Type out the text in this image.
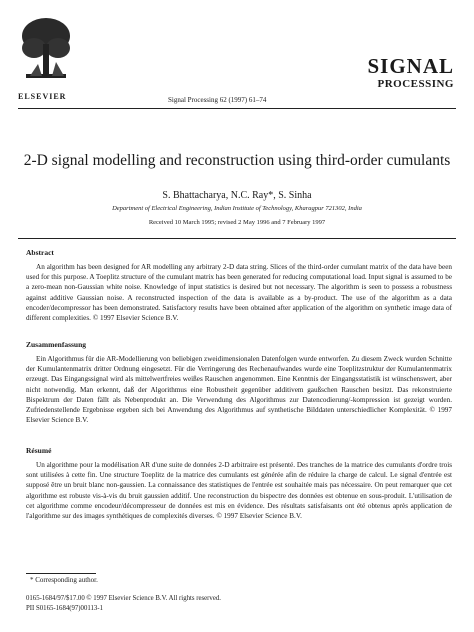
ELSEVIER	Signal Processing 62 (1997) 61–74
SIGNAL
PROCESSING
2-D signal modelling and reconstruction using third-order cumulants
S. Bhattacharya, N.C. Ray*, S. Sinha
Department of Electrical Engineering, Indian Institute of Technology, Kharagpur 721302, India
Received 10 March 1995; revised 2 May 1996 and 7 February 1997
Abstract

An algorithm has been designed for AR modelling any arbitrary 2-D data string. Slices of the third-order cumulant matrix of the data have been used for this purpose. A Toeplitz structure of the cumulant matrix has been generated for reducing computational load. Input signal is assumed to be a zero-mean non-Gaussian white noise. Knowledge of input statistics is desired but not necessary. The algorithm is seen to possess a robustness against additive Gaussian noise. A reconstructed inspection of the data is available as a by-product. The use of the algorithm as a data encoder/decompressor has been demonstrated. Satisfactory results have been obtained after application of the algorithm on synthetic image data of different complexities. © 1997 Elsevier Science B.V.

Zusammenfassung

Ein Algorithmus für die AR-Modellierung von beliebigen zweidimensionalen Datenfolgen wurde entworfen. Zu diesem Zweck wurden Schnitte der Kumulantenmatrix dritter Ordnung eingesetzt. Für die Verringerung des Rechenaufwandes wurde eine Toeplitzstruktur der Kumulantenmatrix erzeugt. Das Eingangssignal wird als mittelwertfreies weißes Rauschen angenommen. Eine Kenntnis der Eingangsstatistik ist wünschenswert, aber nicht notwendig. Man erkennt, daß der Algorithmus eine Robustheit gegenüber additivem gaußschen Rauschen besitzt. Das rekonstruierte Bispektrum der Daten fällt als Nebenprodukt an. Die Verwendung des Algorithmus zur Datencodierung/-kompression ist gezeigt worden. Zufriedenstellende Ergebnisse ergeben sich bei Anwendung des Algorithmus auf synthetische Bilddaten unterschiedlicher Komplexität. © 1997 Elsevier Science B.V.

Résumé

Un algorithme pour la modélisation AR d'une suite de données 2-D arbitraire est présenté. Des tranches de la matrice des cumulants d'ordre trois sont utilisées à cette fin. Une structure Toeplitz de la matrice des cumulants est générée afin de réduire la charge de calcul. Le signal d'entrée est supposé être un bruit blanc non-gaussien. La connaissance des statistiques de l'entrée est souhaitée mais pas nécessaire. On peut remarquer que cet algorithme est robuste vis-à-vis du bruit gaussien additif. Une reconstruction du bispectre des données est obtenue en sous-produit. L'utilisation de cet algorithme comme encodeur/décompresseur de données est mis en évidence. Des résultats satisfaisants ont été obtenus après application de l'algorithme sur des images synthétiques de complexités diverses. © 1997 Elsevier Science B.V.

* Corresponding author.
0165-1684/97/$17.00 © 1997 Elsevier Science B.V. All rights reserved.
PII S0165-1684(97)00113-1
